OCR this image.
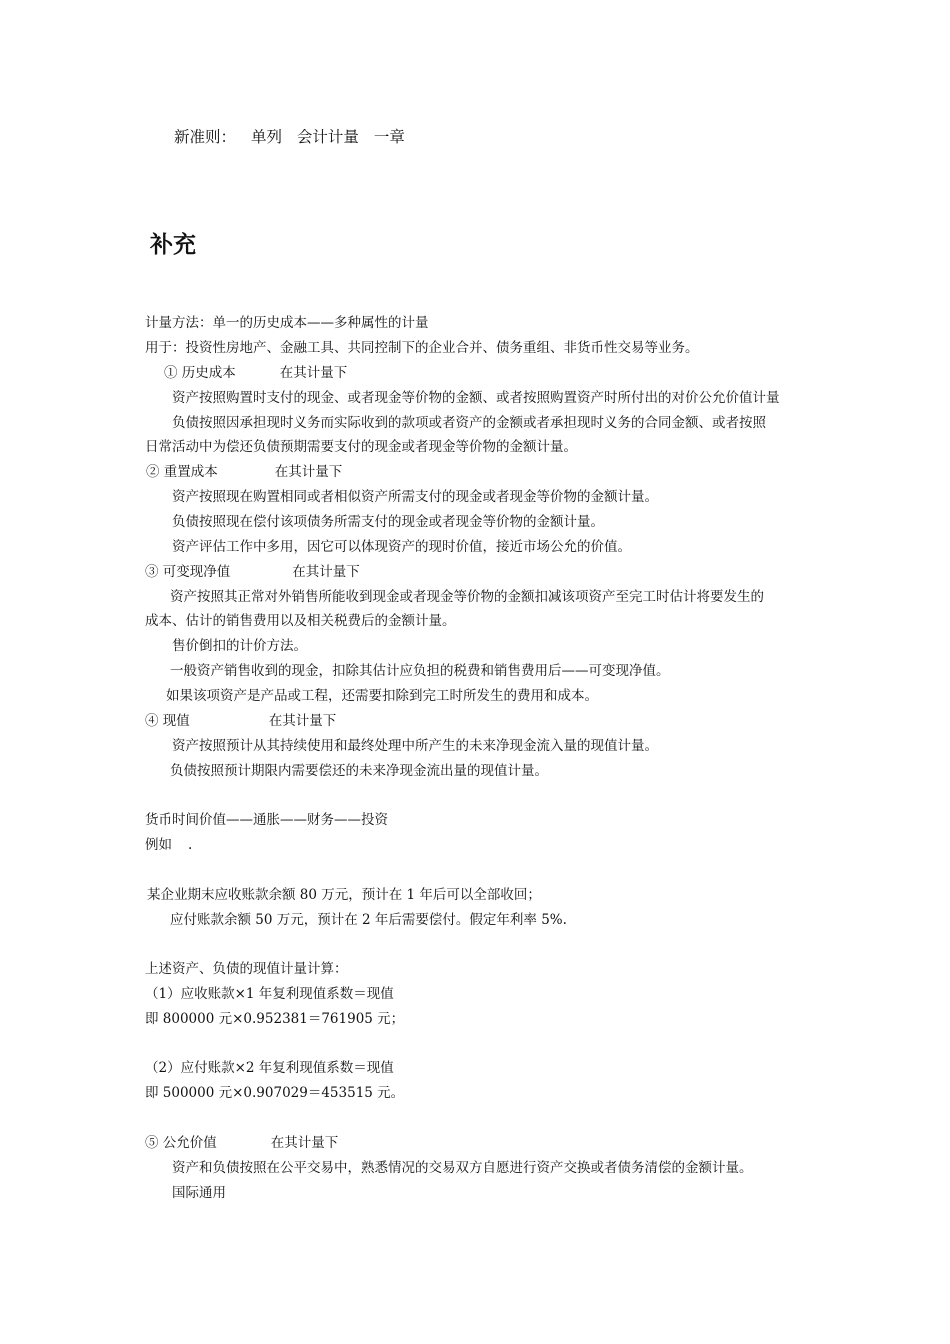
新准则： 单列 会计计量 一章
补充
计量方法：单一的历史成本——多种属性的计量
用于：投资性房地产、金融工具、共同控制下的企业合并、债务重组、非货币性交易等业务。
① 历史成本	在其计量下
资产按照购置时支付的现金、或者现金等价物的金额、或者按照购置资产时所付出的对价公允价值计量
负债按照因承担现时义务而实际收到的款项或者资产的金额或者承担现时义务的合同金额、或者按照
日常活动中为偿还负债预期需要支付的现金或者现金等价物的金额计量。
② 重置成本	在其计量下
资产按照现在购置相同或者相似资产所需支付的现金或者现金等价物的金额计量。
负债按照现在偿付该项债务所需支付的现金或者现金等价物的金额计量。
资产评估工作中多用，因它可以体现资产的现时价值，接近市场公允的价值。
③ 可变现净值	在其计量下
资产按照其正常对外销售所能收到现金或者现金等价物的金额扣减该项资产至完工时估计将要发生的
成本、估计的销售费用以及相关税费后的金额计量。
售价倒扣的计价方法。
一般资产销售收到的现金，扣除其估计应负担的税费和销售费用后——可变现净值。
如果该项资产是产品或工程，还需要扣除到完工时所发生的费用和成本。
④ 现值	在其计量下
资产按照预计从其持续使用和最终处理中所产生的未来净现金流入量的现值计量。
负债按照预计期限内需要偿还的未来净现金流出量的现值计量。
货币时间价值——通胀——财务——投资
例如 .
某企业期末应收账款余额 80 万元，预计在 1 年后可以全部收回；
应付账款余额 50 万元，预计在 2 年后需要偿付。假定年利率 5%.
上述资产、负债的现值计量计算：
（1）应收账款×1 年复利现值系数＝现值
即 800000 元×0.952381＝761905 元；
（2）应付账款×2 年复利现值系数＝现值
即 500000 元×0.907029＝453515 元。
⑤ 公允价值	在其计量下
资产和负债按照在公平交易中，熟悉情况的交易双方自愿进行资产交换或者债务清偿的金额计量。
国际通用
